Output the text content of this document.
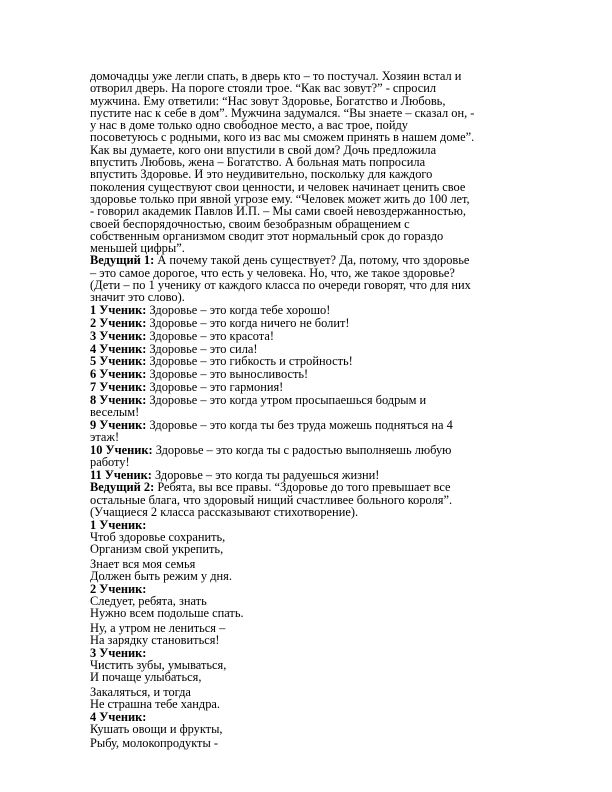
домочадцы уже легли спать, в дверь кто – то постучал. Хозяин встал и
отворил дверь. На пороге стояли трое. “Как вас зовут?” - спросил
мужчина. Ему ответили: “Нас зовут Здоровье, Богатство и Любовь,
пустите нас к себе в дом”. Мужчина задумался. “Вы знаете – сказал он, -
у нас в доме только одно свободное место, а вас трое, пойду
посоветуюсь с родными, кого из вас мы сможем принять в нашем доме”.
Как вы думаете, кого они впустили в свой дом? Дочь предложила
впустить Любовь, жена – Богатство. А больная мать попросила
впустить Здоровье. И это неудивительно, поскольку для каждого
поколения существуют свои ценности, и человек начинает ценить свое
здоровье только при явной угрозе ему. “Человек может жить до 100 лет,
- говорил академик Павлов И.П. – Мы сами своей невоздержанностью,
своей беспорядочностью, своим безобразным обращением с
собственным организмом сводит этот нормальный срок до гораздо
меньшей цифры”.
Ведущий 1: А почему такой день существует? Да, потому, что здоровье
– это самое дорогое, что есть у человека. Но, что, же такое здоровье?
(Дети – по 1 ученику от каждого класса по очереди говорят, что для них
значит это слово).
1 Ученик: Здоровье – это когда тебе хорошо!
2 Ученик: Здоровье – это когда ничего не болит!
3 Ученик: Здоровье – это красота!
4 Ученик: Здоровье – это сила!
5 Ученик: Здоровье – это гибкость и стройность!
6 Ученик: Здоровье – это выносливость!
7 Ученик: Здоровье – это гармония!
8 Ученик: Здоровье – это когда утром просыпаешься бодрым и
веселым!
9 Ученик: Здоровье – это когда ты без труда можешь подняться на 4
этаж!
10 Ученик: Здоровье – это когда ты с радостью выполняешь любую
работу!
11 Ученик: Здоровье – это когда ты радуешься жизни!
Ведущий 2: Ребята, вы все правы. “Здоровье до того превышает все
остальные блага, что здоровый нищий счастливее больного короля”.
(Учащиеся 2 класса рассказывают стихотворение).
1 Ученик:
Чтоб здоровье сохранить,
Организм свой укрепить,
Знает вся моя семья
Должен быть режим у дня.
2 Ученик:
Следует, ребята, знать
Нужно всем подольше спать.
Ну, а утром не лениться –
На зарядку становиться!
3 Ученик:
Чистить зубы, умываться,
И почаще улыбаться,
Закаляться, и тогда
Не страшна тебе хандра.
4 Ученик:
Кушать овощи и фрукты,
Рыбу, молокопродукты -
